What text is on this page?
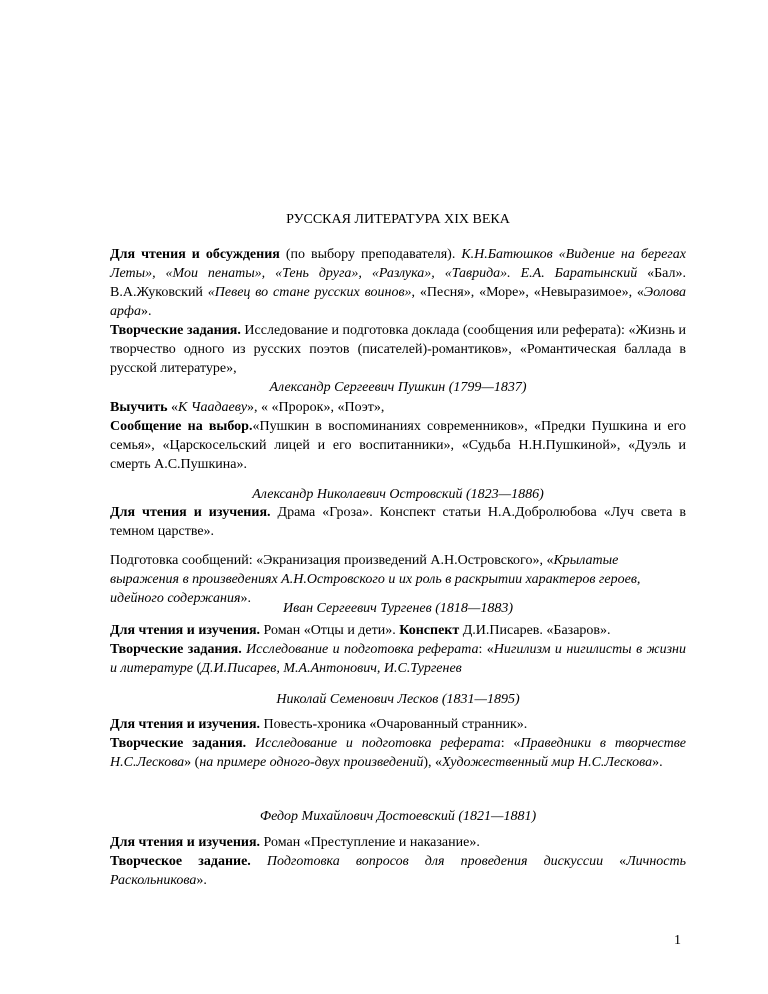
РУССКАЯ ЛИТЕРАТУРА XIX ВЕКА

Для чтения и обсуждения (по выбору преподавателя). К.Н.Батюшков «Видение на берегах Леты», «Мои пенаты», «Тень друга», «Разлука», «Таврида». Е.А. Баратынский «Бал». В.А.Жуковский «Певец во стане русских воинов», «Песня», «Море», «Невыразимое», «Эолова арфа».

Творческие задания. Исследование и подготовка доклада (сообщения или реферата): «Жизнь и творчество одного из русских поэтов (писателей)-романтиков», «Романтическая баллада в русской литературе»,

Александр Сергеевич Пушкин (1799—1837)

Выучить «К Чаадаеву», « «Пророк», «Поэт»,

Сообщение на выбор.«Пушкин в воспоминаниях современников», «Предки Пушкина и его семья», «Царскосельский лицей и его воспитанники», «Судьба Н.Н.Пушкиной», «Дуэль и смерть А.С.Пушкина».

Александр Николаевич Островский (1823—1886)

Для чтения и изучения. Драма «Гроза». Конспект статьи Н.А.Добролюбова «Луч света в темном царстве».

Подготовка сообщений: «Экранизация произведений А.Н.Островского», «Крылатые выражения в произведениях А.Н.Островского и их роль в раскрытии характеров героев, идейного содержания».

Иван Сергеевич Тургенев (1818—1883)

Для чтения и изучения. Роман «Отцы и дети». Конспект Д.И.Писарев. «Базаров».

Творческие задания. Исследование и подготовка реферата: «Нигилизм и нигилисты в жизни и литературе (Д.И.Писарев, М.А.Антонович, И.С.Тургенев

Николай Семенович Лесков (1831—1895)

Для чтения и изучения. Повесть-хроника «Очарованный странник».

Творческие задания. Исследование и подготовка реферата: «Праведники в творчестве Н.С.Лескова» (на примере одного-двух произведений), «Художественный мир Н.С.Лескова».

Федор Михайлович Достоевский (1821—1881)

Для чтения и изучения. Роман «Преступление и наказание».

Творческое задание. Подготовка вопросов для проведения дискуссии «Личность Раскольникова».

1
